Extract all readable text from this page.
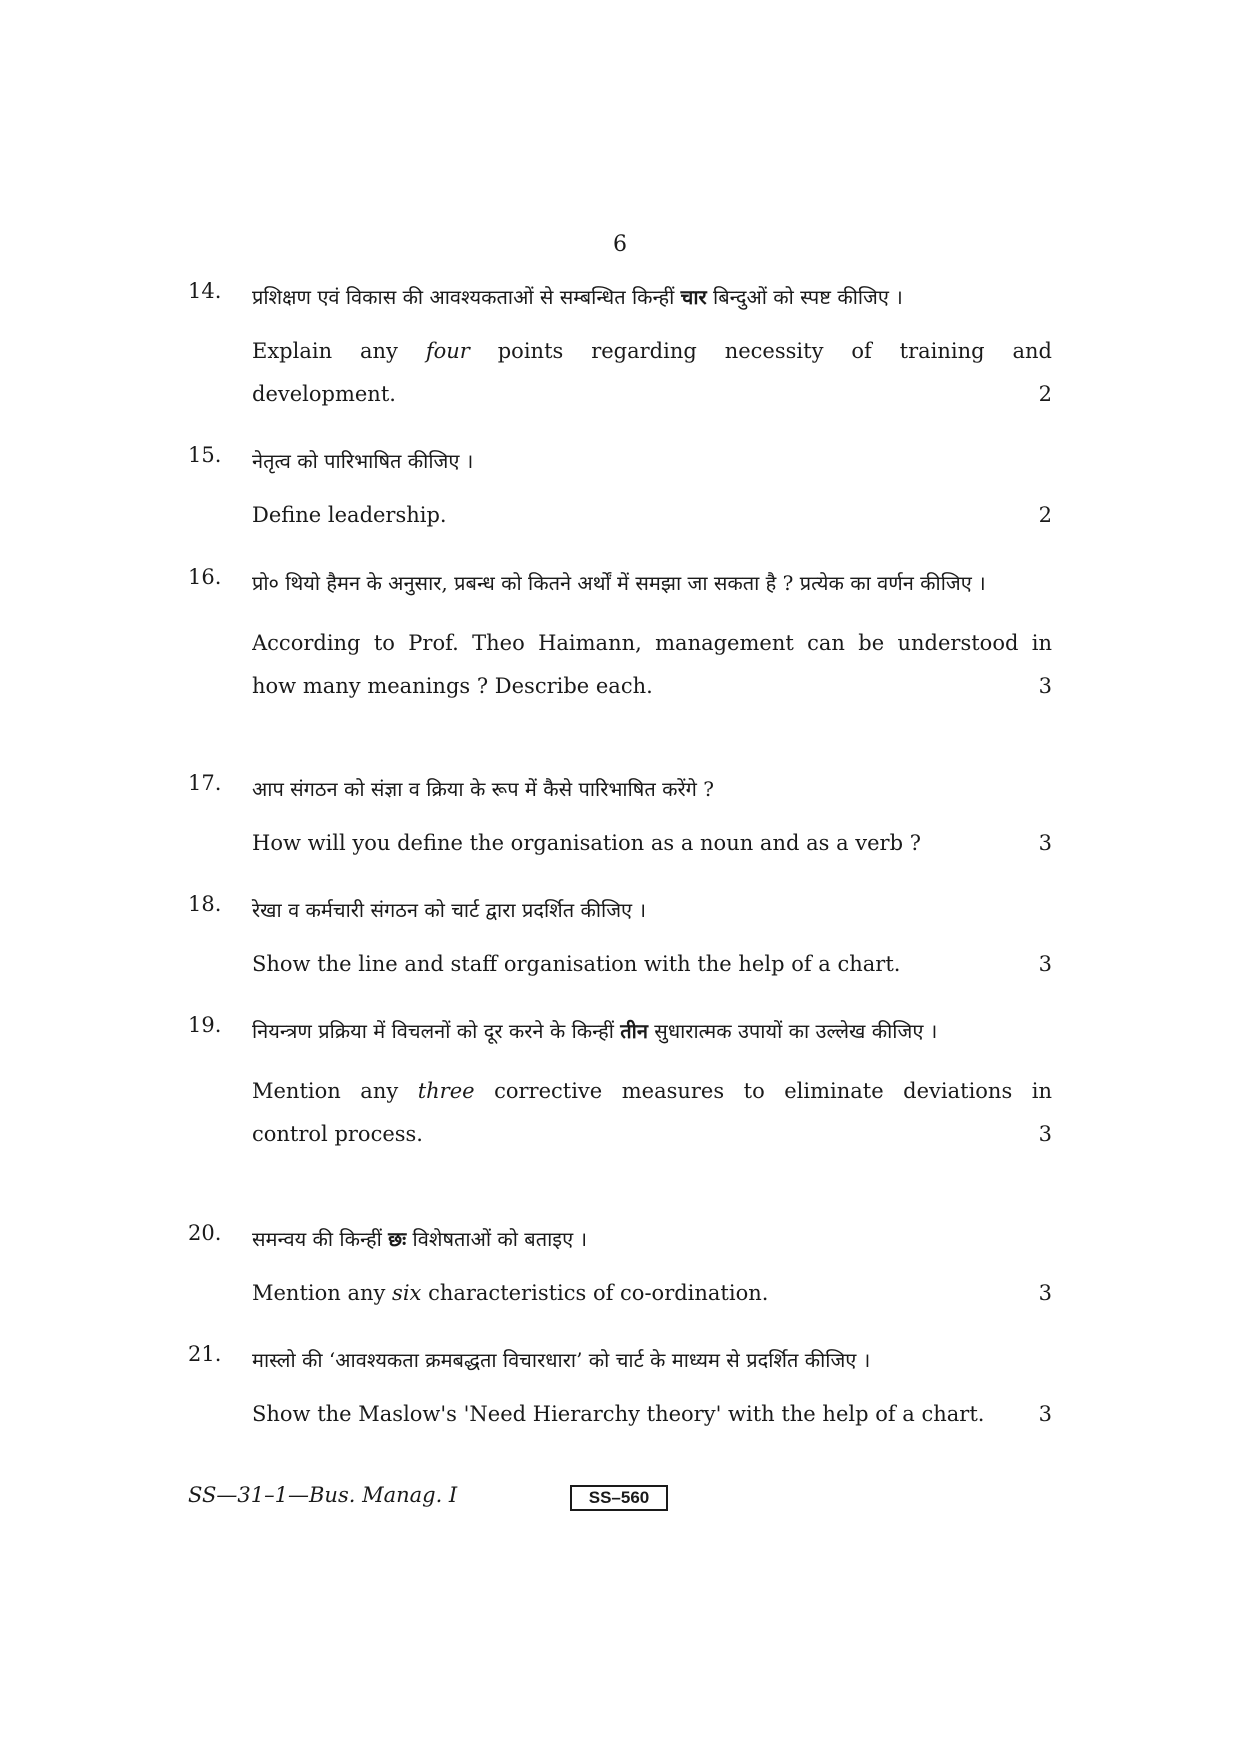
6
14. प्रशिक्षण एवं विकास की आवश्यकताओं से सम्बन्धित किन्हीं चार बिन्दुओं को स्पष्ट कीजिए ।
Explain any four points regarding necessity of training and
development.	2
15. नेतृत्व को पारिभाषित कीजिए ।
Define leadership.	2
16. प्रो० थियो हैमन के अनुसार, प्रबन्ध को कितने अर्थों में समझा जा सकता है ? प्रत्येक का वर्णन कीजिए ।
According to Prof. Theo Haimann, management can be understood in
how many meanings ? Describe each.	3
17. आप संगठन को संज्ञा व क्रिया के रूप में कैसे पारिभाषित करेंगे ?
How will you define the organisation as a noun and as a verb ?	3
18. रेखा व कर्मचारी संगठन को चार्ट द्वारा प्रदर्शित कीजिए ।
Show the line and staff organisation with the help of a chart.	3
19. नियन्त्रण प्रक्रिया में विचलनों को दूर करने के किन्हीं तीन सुधारात्मक उपायों का उल्लेख कीजिए ।
Mention any three corrective measures to eliminate deviations in
control process.	3
20. समन्वय की किन्हीं छः विशेषताओं को बताइए ।
Mention any six characteristics of co-ordination.	3
21. मास्लो की ‘आवश्यकता क्रमबद्धता विचारधारा’ को चार्ट के माध्यम से प्रदर्शित कीजिए ।
Show the Maslow's 'Need Hierarchy theory' with the help of a chart.	3
SS—31–1—Bus. Manag. I	SS–560
